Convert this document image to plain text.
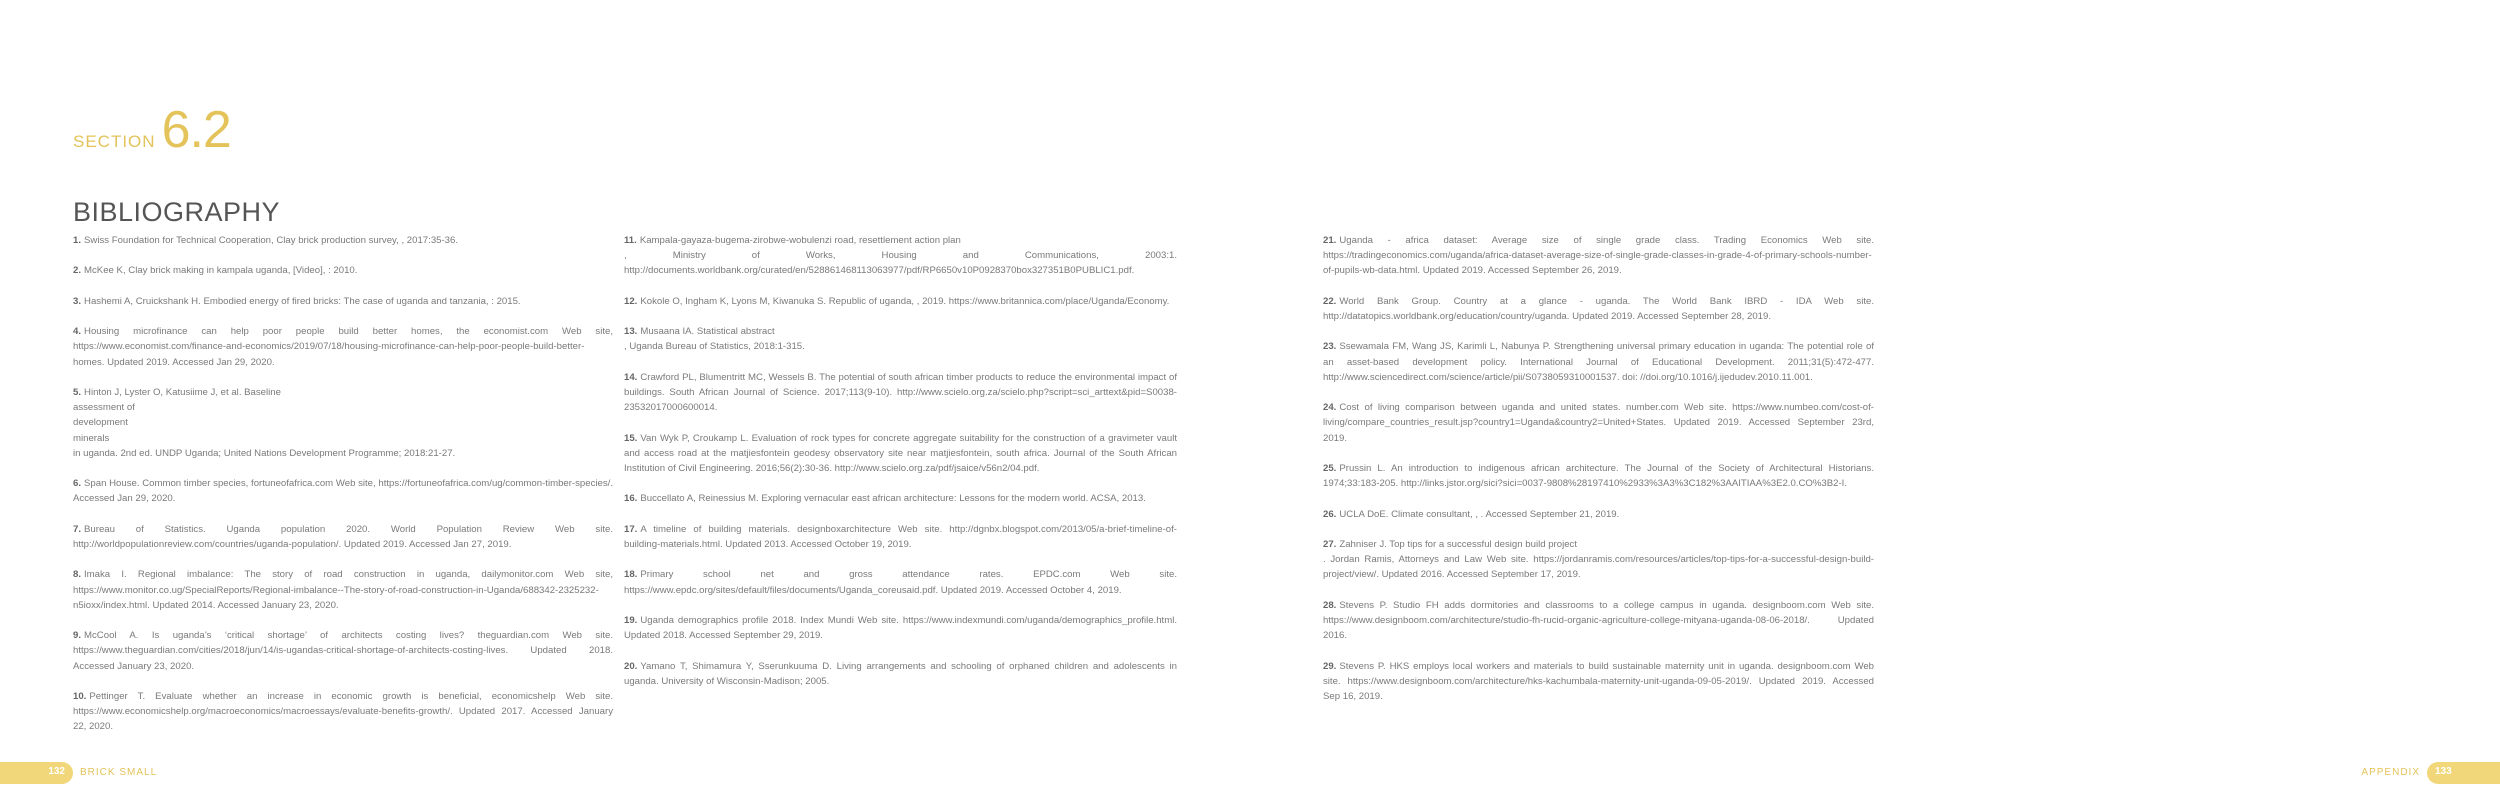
SECTION 6.2
BIBLIOGRAPHY

1. Swiss Foundation for Technical Cooperation, Clay brick production survey, , 2017:35-36.

2. McKee K, Clay brick making in kampala uganda, [Video], : 2010.

3. Hashemi A, Cruickshank H. Embodied energy of fired bricks: The case of uganda and tanzania, : 2015.

4. Housing microfinance can help poor people build better homes, the economist.com Web site, https://www.economist.com/finance-and-economics/2019/07/18/housing-microfinance-can-help-poor-people-build-better-homes. Updated 2019. Accessed Jan 29, 2020.

5. Hinton J, Lyster O, Katusiime J, et al. Baseline
assessment of
development
minerals
in uganda. 2nd ed. UNDP Uganda; United Nations Development Programme; 2018:21-27.

6. Span House. Common timber species, fortuneofafrica.com Web site, https://fortuneofafrica.com/ug/common-timber-species/. Accessed Jan 29, 2020.

7. Bureau of Statistics. Uganda population 2020. World Population Review Web site. http://worldpopulationreview.com/countries/uganda-population/. Updated 2019. Accessed Jan 27, 2019.

8. Imaka I. Regional imbalance: The story of road construction in uganda, dailymonitor.com Web site, https://www.monitor.co.ug/SpecialReports/Regional-imbalance--The-story-of-road-construction-in-Uganda/688342-2325232-n5ioxx/index.html. Updated 2014. Accessed January 23, 2020.

9. McCool A. Is uganda’s ‘critical shortage’ of architects costing lives? theguardian.com Web site. https://www.theguardian.com/cities/2018/jun/14/is-ugandas-critical-shortage-of-architects-costing-lives. Updated 2018. Accessed January 23, 2020.

10. Pettinger T. Evaluate whether an increase in economic growth is beneficial, economicshelp Web site. https://www.economicshelp.org/macroeconomics/macroessays/evaluate-benefits-growth/. Updated 2017. Accessed January 22, 2020.

11. Kampala-gayaza-bugema-zirobwe-wobulenzi road, resettlement action plan
, Ministry of Works, Housing and Communications, 2003:1. http://documents.worldbank.org/curated/en/528861468113063977/pdf/RP6650v10P0928370box327351B0PUBLIC1.pdf.

12. Kokole O, Ingham K, Lyons M, Kiwanuka S. Republic of uganda, , 2019. https://www.britannica.com/place/Uganda/Economy.

13. Musaana IA. Statistical abstract
, Uganda Bureau of Statistics, 2018:1-315.

14. Crawford PL, Blumentritt MC, Wessels B. The potential of south african timber products to reduce the environmental impact of buildings. South African Journal of Science. 2017;113(9-10). http://www.scielo.org.za/scielo.php?script=sci_arttext&pid=S0038-23532017000600014.

15. Van Wyk P, Croukamp L. Evaluation of rock types for concrete aggregate suitability for the construction of a gravimeter vault and access road at the matjiesfontein geodesy observatory site near matjiesfontein, south africa. Journal of the South African Institution of Civil Engineering. 2016;56(2):30-36. http://www.scielo.org.za/pdf/jsaice/v56n2/04.pdf.

16. Buccellato A, Reinessius M. Exploring vernacular east african architecture: Lessons for the modern world. ACSA, 2013.

17. A timeline of building materials. designboxarchitecture Web site. http://dgnbx.blogspot.com/2013/05/a-brief-timeline-of-building-materials.html. Updated 2013. Accessed October 19, 2019.

18. Primary school net and gross attendance rates. EPDC.com Web site. https://www.epdc.org/sites/default/files/documents/Uganda_coreusaid.pdf. Updated 2019. Accessed October 4, 2019.

19. Uganda demographics profile 2018. Index Mundi Web site. https://www.indexmundi.com/uganda/demographics_profile.html. Updated 2018. Accessed September 29, 2019.

20. Yamano T, Shimamura Y, Sserunkuuma D. Living arrangements and schooling of orphaned children and adolescents in uganda. University of Wisconsin-Madison; 2005.

21. Uganda - africa dataset: Average size of single grade class. Trading Economics Web site. https://tradingeconomics.com/uganda/africa-dataset-average-size-of-single-grade-classes-in-grade-4-of-primary-schools-number-of-pupils-wb-data.html. Updated 2019. Accessed September 26, 2019.

22. World Bank Group. Country at a glance - uganda. The World Bank IBRD - IDA Web site. http://datatopics.worldbank.org/education/country/uganda. Updated 2019. Accessed September 28, 2019.

23. Ssewamala FM, Wang JS, Karimli L, Nabunya P. Strengthening universal primary education in uganda: The potential role of an asset-based development policy. International Journal of Educational Development. 2011;31(5):472-477. http://www.sciencedirect.com/science/article/pii/S0738059310001537. doi: //doi.org/10.1016/j.ijedudev.2010.11.001.

24. Cost of living comparison between uganda and united states. number.com Web site. https://www.numbeo.com/cost-of-living/compare_countries_result.jsp?country1=Uganda&country2=United+States. Updated 2019. Accessed September 23rd, 2019.

25. Prussin L. An introduction to indigenous african architecture. The Journal of the Society of Architectural Historians. 1974;33:183-205. http://links.jstor.org/sici?sici=0037-9808%28197410%2933%3A3%3C182%3AAITIAA%3E2.0.CO%3B2-I.

26. UCLA DoE. Climate consultant, , . Accessed September 21, 2019.

27. Zahniser J. Top tips for a successful design build project
. Jordan Ramis, Attorneys and Law Web site. https://jordanramis.com/resources/articles/top-tips-for-a-successful-design-build-project/view/. Updated 2016. Accessed September 17, 2019.

28. Stevens P. Studio FH adds dormitories and classrooms to a college campus in uganda. designboom.com Web site. https://www.designboom.com/architecture/studio-fh-rucid-organic-agriculture-college-mityana-uganda-08-06-2018/. Updated 2016.

29. Stevens P. HKS employs local workers and materials to build sustainable maternity unit in uganda. designboom.com Web site. https://www.designboom.com/architecture/hks-kachumbala-maternity-unit-uganda-09-05-2019/. Updated 2019. Accessed Sep 16, 2019.

132 BRICK SMALL	APPENDIX 133
